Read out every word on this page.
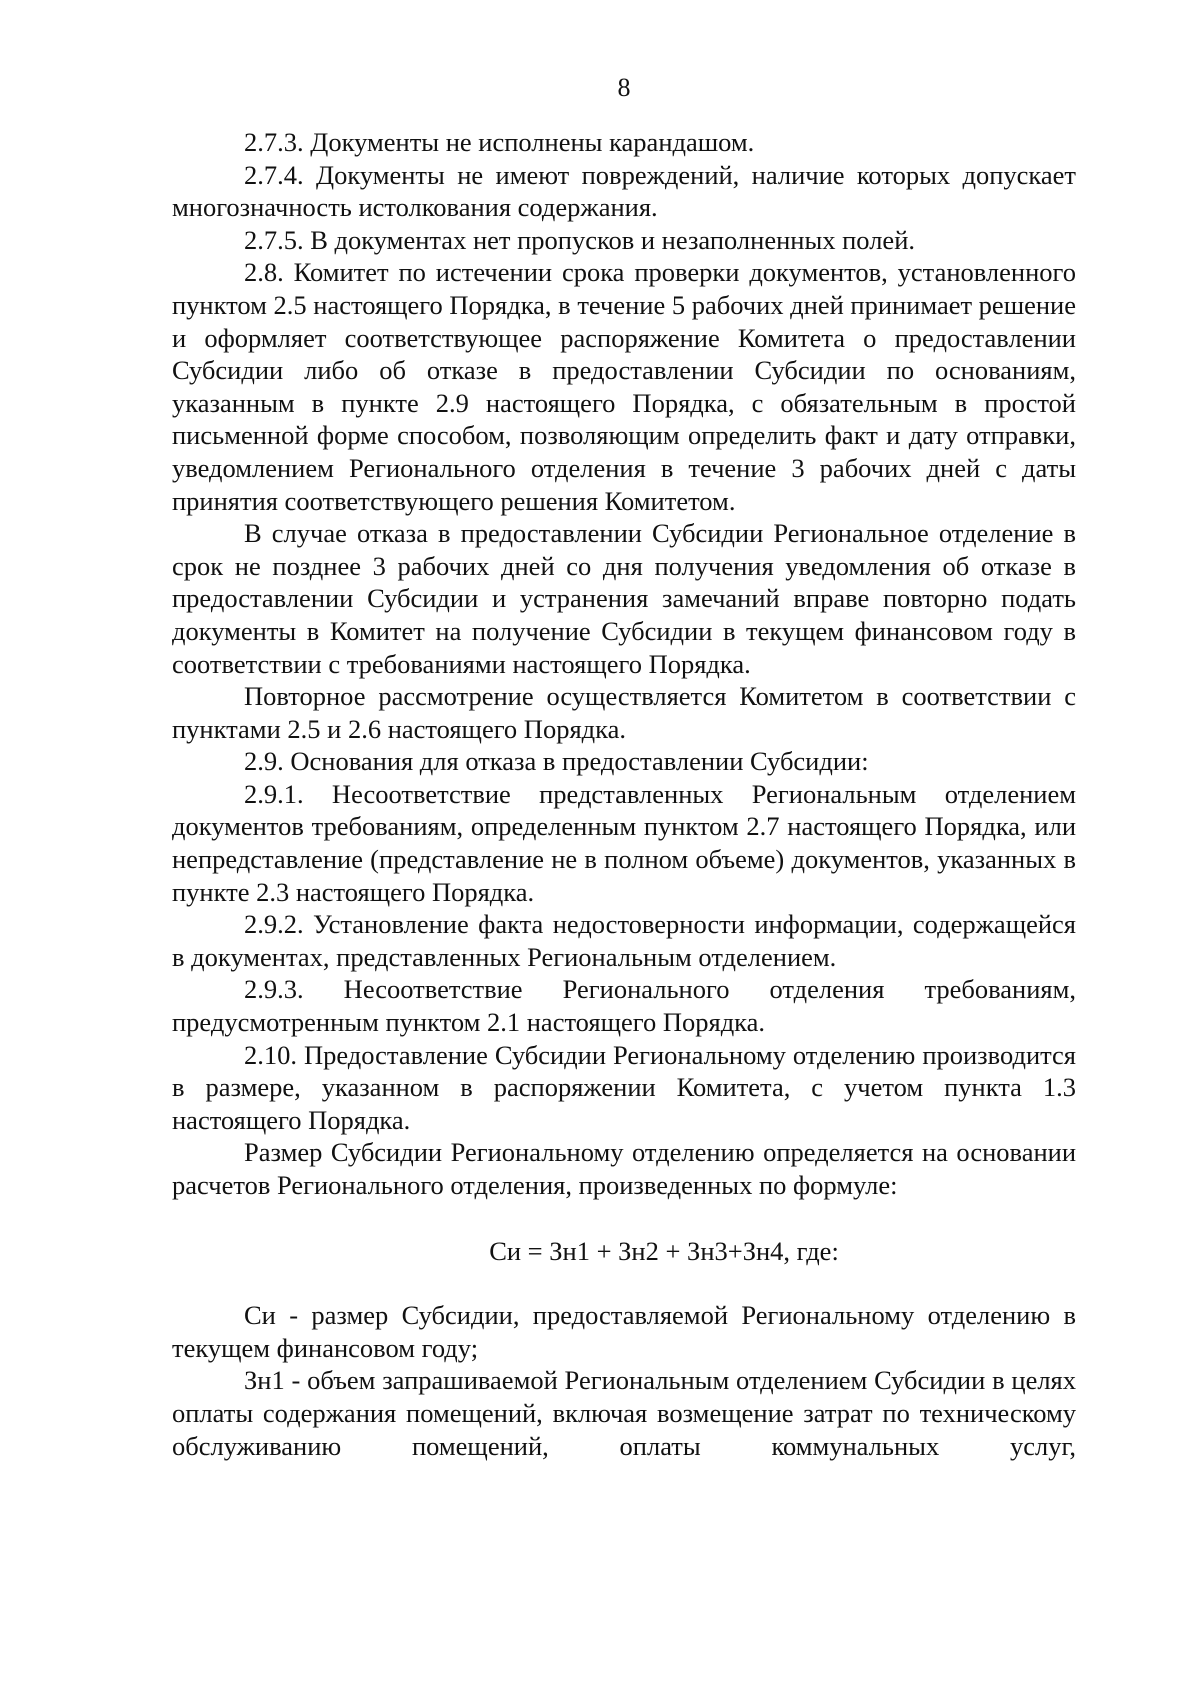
8

2.7.3. Документы не исполнены карандашом.

2.7.4. Документы не имеют повреждений, наличие которых допускает многозначность истолкования содержания.

2.7.5. В документах нет пропусков и незаполненных полей.

2.8. Комитет по истечении срока проверки документов, установленного пунктом 2.5 настоящего Порядка, в течение 5 рабочих дней принимает решение и оформляет соответствующее распоряжение Комитета о предоставлении Субсидии либо об отказе в предоставлении Субсидии по основаниям, указанным в пункте 2.9 настоящего Порядка, с обязательным в простой письменной форме способом, позволяющим определить факт и дату отправки, уведомлением Регионального отделения в течение 3 рабочих дней с даты принятия соответствующего решения Комитетом.

В случае отказа в предоставлении Субсидии Региональное отделение в срок не позднее 3 рабочих дней со дня получения уведомления об отказе в предоставлении Субсидии и устранения замечаний вправе повторно подать документы в Комитет на получение Субсидии в текущем финансовом году в соответствии с требованиями настоящего Порядка.

Повторное рассмотрение осуществляется Комитетом в соответствии с пунктами 2.5 и 2.6 настоящего Порядка.

2.9. Основания для отказа в предоставлении Субсидии:

2.9.1. Несоответствие представленных Региональным отделением документов требованиям, определенным пунктом 2.7 настоящего Порядка, или непредставление (представление не в полном объеме) документов, указанных в пункте 2.3 настоящего Порядка.

2.9.2. Установление факта недостоверности информации, содержащейся в документах, представленных Региональным отделением.

2.9.3. Несоответствие Регионального отделения требованиям, предусмотренным пунктом 2.1 настоящего Порядка.

2.10. Предоставление Субсидии Региональному отделению производится в размере, указанном в распоряжении Комитета, с учетом пункта 1.3 настоящего Порядка.

Размер Субсидии Региональному отделению определяется на основании расчетов Регионального отделения, произведенных по формуле:

Си = Зн1 + Зн2 + Зн3+Зн4, где:

Си - размер Субсидии, предоставляемой Региональному отделению в текущем финансовом году;

Зн1 - объем запрашиваемой Региональным отделением Субсидии в целях оплаты содержания помещений, включая возмещение затрат по техническому обслуживанию помещений, оплаты коммунальных услуг,
